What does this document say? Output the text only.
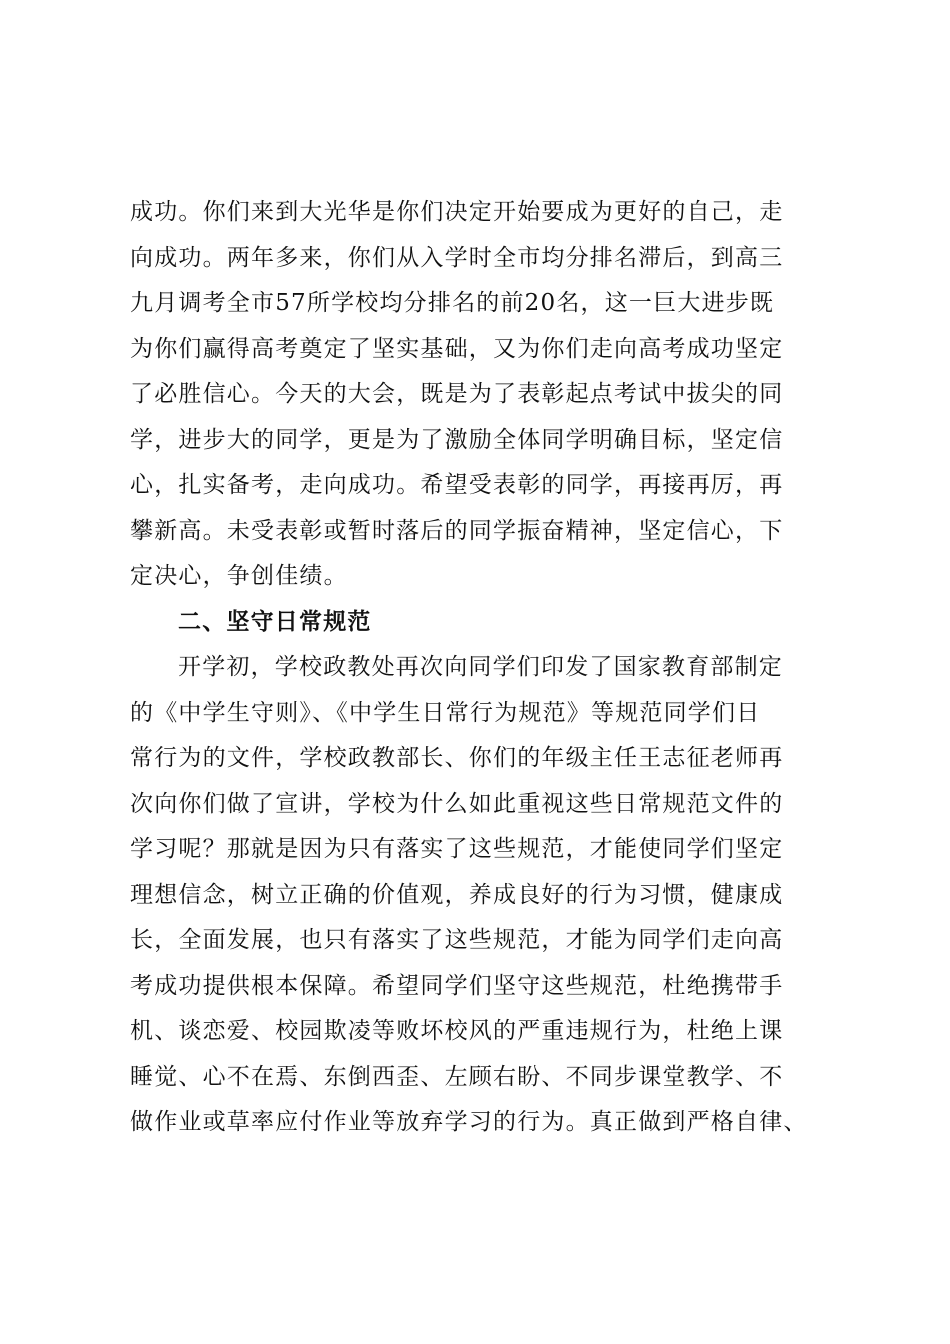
成功。你们来到大光华是你们决定开始要成为更好的自己，走
向成功。两年多来，你们从入学时全市均分排名滞后，到高三
九月调考全市57所学校均分排名的前20名，这一巨大进步既
为你们赢得高考奠定了坚实基础，又为你们走向高考成功坚定
了必胜信心。今天的大会，既是为了表彰起点考试中拔尖的同
学，进步大的同学，更是为了激励全体同学明确目标，坚定信
心，扎实备考，走向成功。希望受表彰的同学，再接再厉，再
攀新高。未受表彰或暂时落后的同学振奋精神，坚定信心，下
定决心，争创佳绩。
二、坚守日常规范
开学初，学校政教处再次向同学们印发了国家教育部制定
的《中学生守则》、《中学生日常行为规范》等规范同学们日
常行为的文件，学校政教部长、你们的年级主任王志征老师再
次向你们做了宣讲，学校为什么如此重视这些日常规范文件的
学习呢？那就是因为只有落实了这些规范，才能使同学们坚定
理想信念，树立正确的价值观，养成良好的行为习惯，健康成
长，全面发展，也只有落实了这些规范，才能为同学们走向高
考成功提供根本保障。希望同学们坚守这些规范，杜绝携带手
机、谈恋爱、校园欺凌等败坏校风的严重违规行为，杜绝上课
睡觉、心不在焉、东倒西歪、左顾右盼、不同步课堂教学、不
做作业或草率应付作业等放弃学习的行为。真正做到严格自律、
